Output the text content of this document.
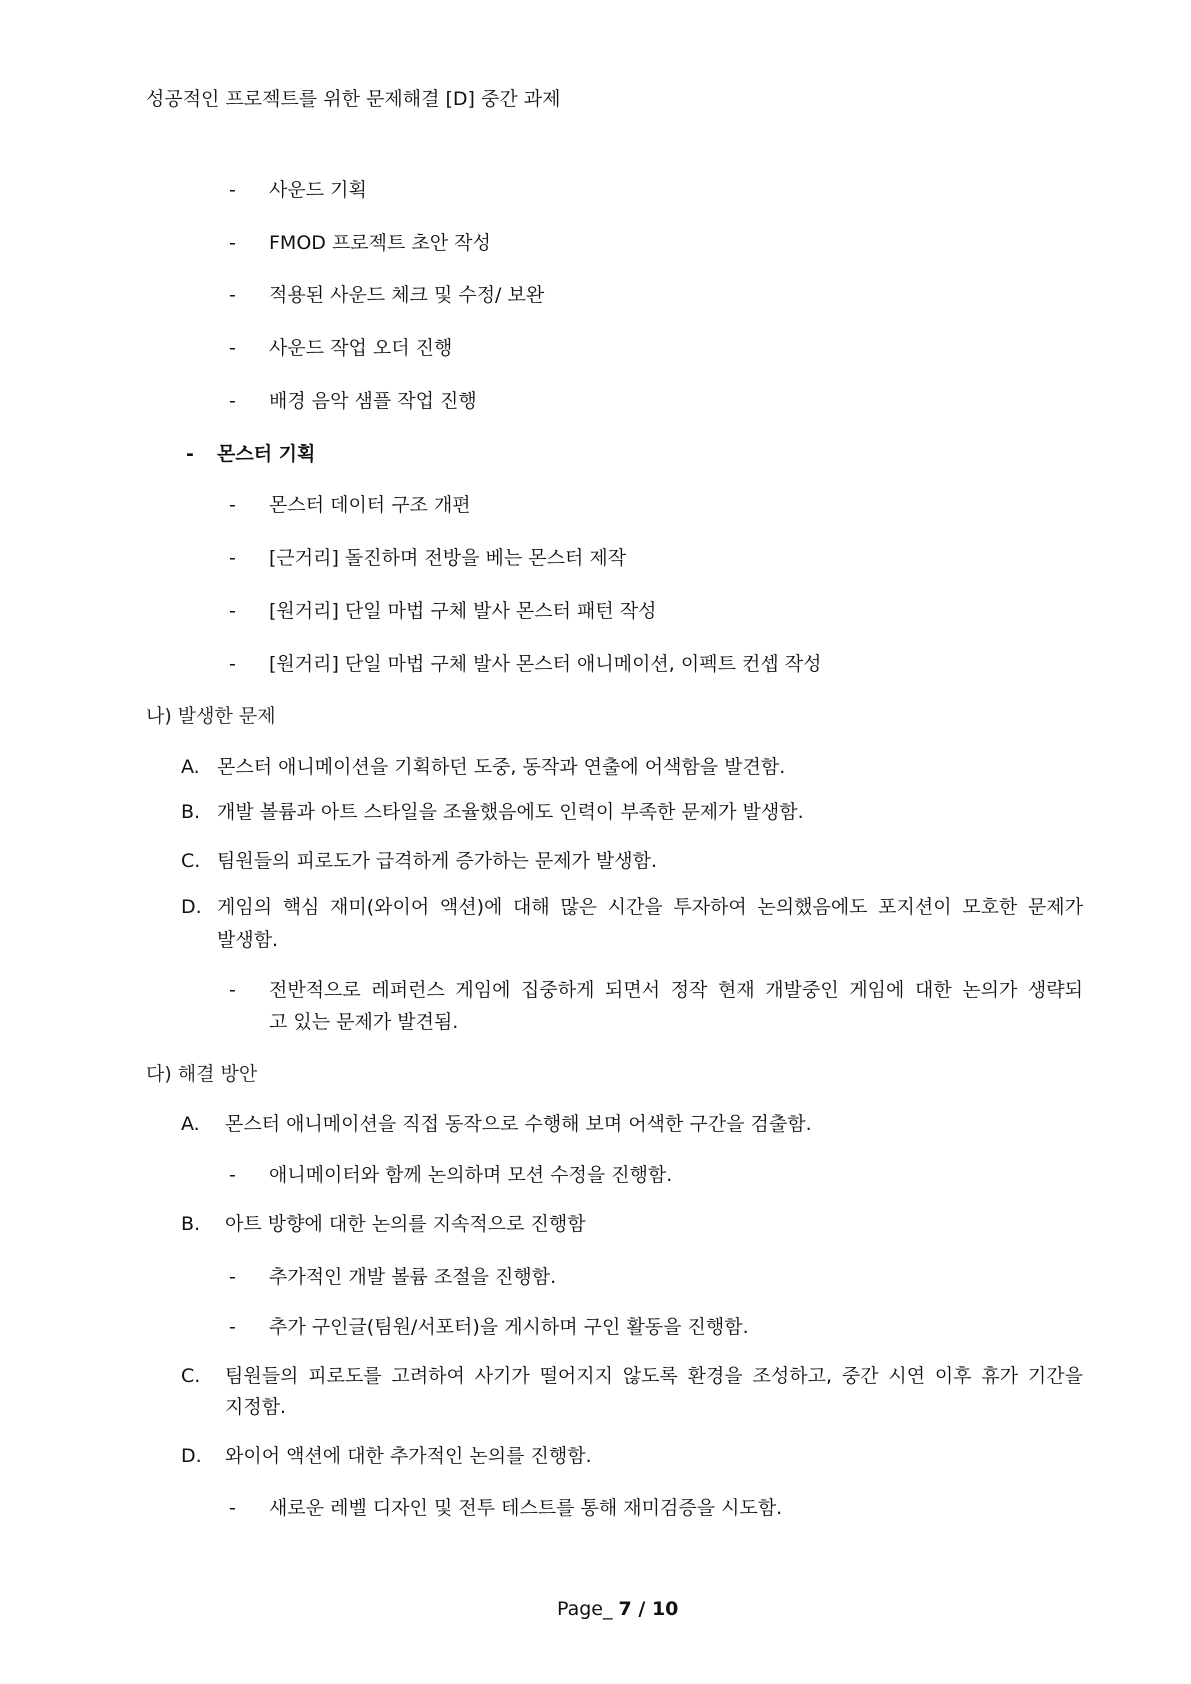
성공적인 프로젝트를 위한 문제해결 [D] 중간 과제
- 사운드 기획
- FMOD 프로젝트 초안 작성
- 적용된 사운드 체크 및 수정/ 보완
- 사운드 작업 오더 진행
- 배경 음악 샘플 작업 진행
- 몬스터 기획
- 몬스터 데이터 구조 개편
- [근거리] 돌진하며 전방을 베는 몬스터 제작
- [원거리] 단일 마법 구체 발사 몬스터 패턴 작성
- [원거리] 단일 마법 구체 발사 몬스터 애니메이션, 이펙트 컨셉 작성
나) 발생한 문제
A. 몬스터 애니메이션을 기획하던 도중, 동작과 연출에 어색함을 발견함.
B. 개발 볼륨과 아트 스타일을 조율했음에도 인력이 부족한 문제가 발생함.
C. 팀원들의 피로도가 급격하게 증가하는 문제가 발생함.
D. 게임의 핵심 재미(와이어 액션)에 대해 많은 시간을 투자하여 논의했음에도 포지션이 모호한 문제가
발생함.
- 전반적으로 레퍼런스 게임에 집중하게 되면서 정작 현재 개발중인 게임에 대한 논의가 생략되
고 있는 문제가 발견됨.
다) 해결 방안
A. 몬스터 애니메이션을 직접 동작으로 수행해 보며 어색한 구간을 검출함.
- 애니메이터와 함께 논의하며 모션 수정을 진행함.
B. 아트 방향에 대한 논의를 지속적으로 진행함
- 추가적인 개발 볼륨 조절을 진행함.
- 추가 구인글(팀원/서포터)을 게시하며 구인 활동을 진행함.
C. 팀원들의 피로도를 고려하여 사기가 떨어지지 않도록 환경을 조성하고, 중간 시연 이후 휴가 기간을
지정함.
D. 와이어 액션에 대한 추가적인 논의를 진행함.
- 새로운 레벨 디자인 및 전투 테스트를 통해 재미검증을 시도함.
Page_ 7 / 10
